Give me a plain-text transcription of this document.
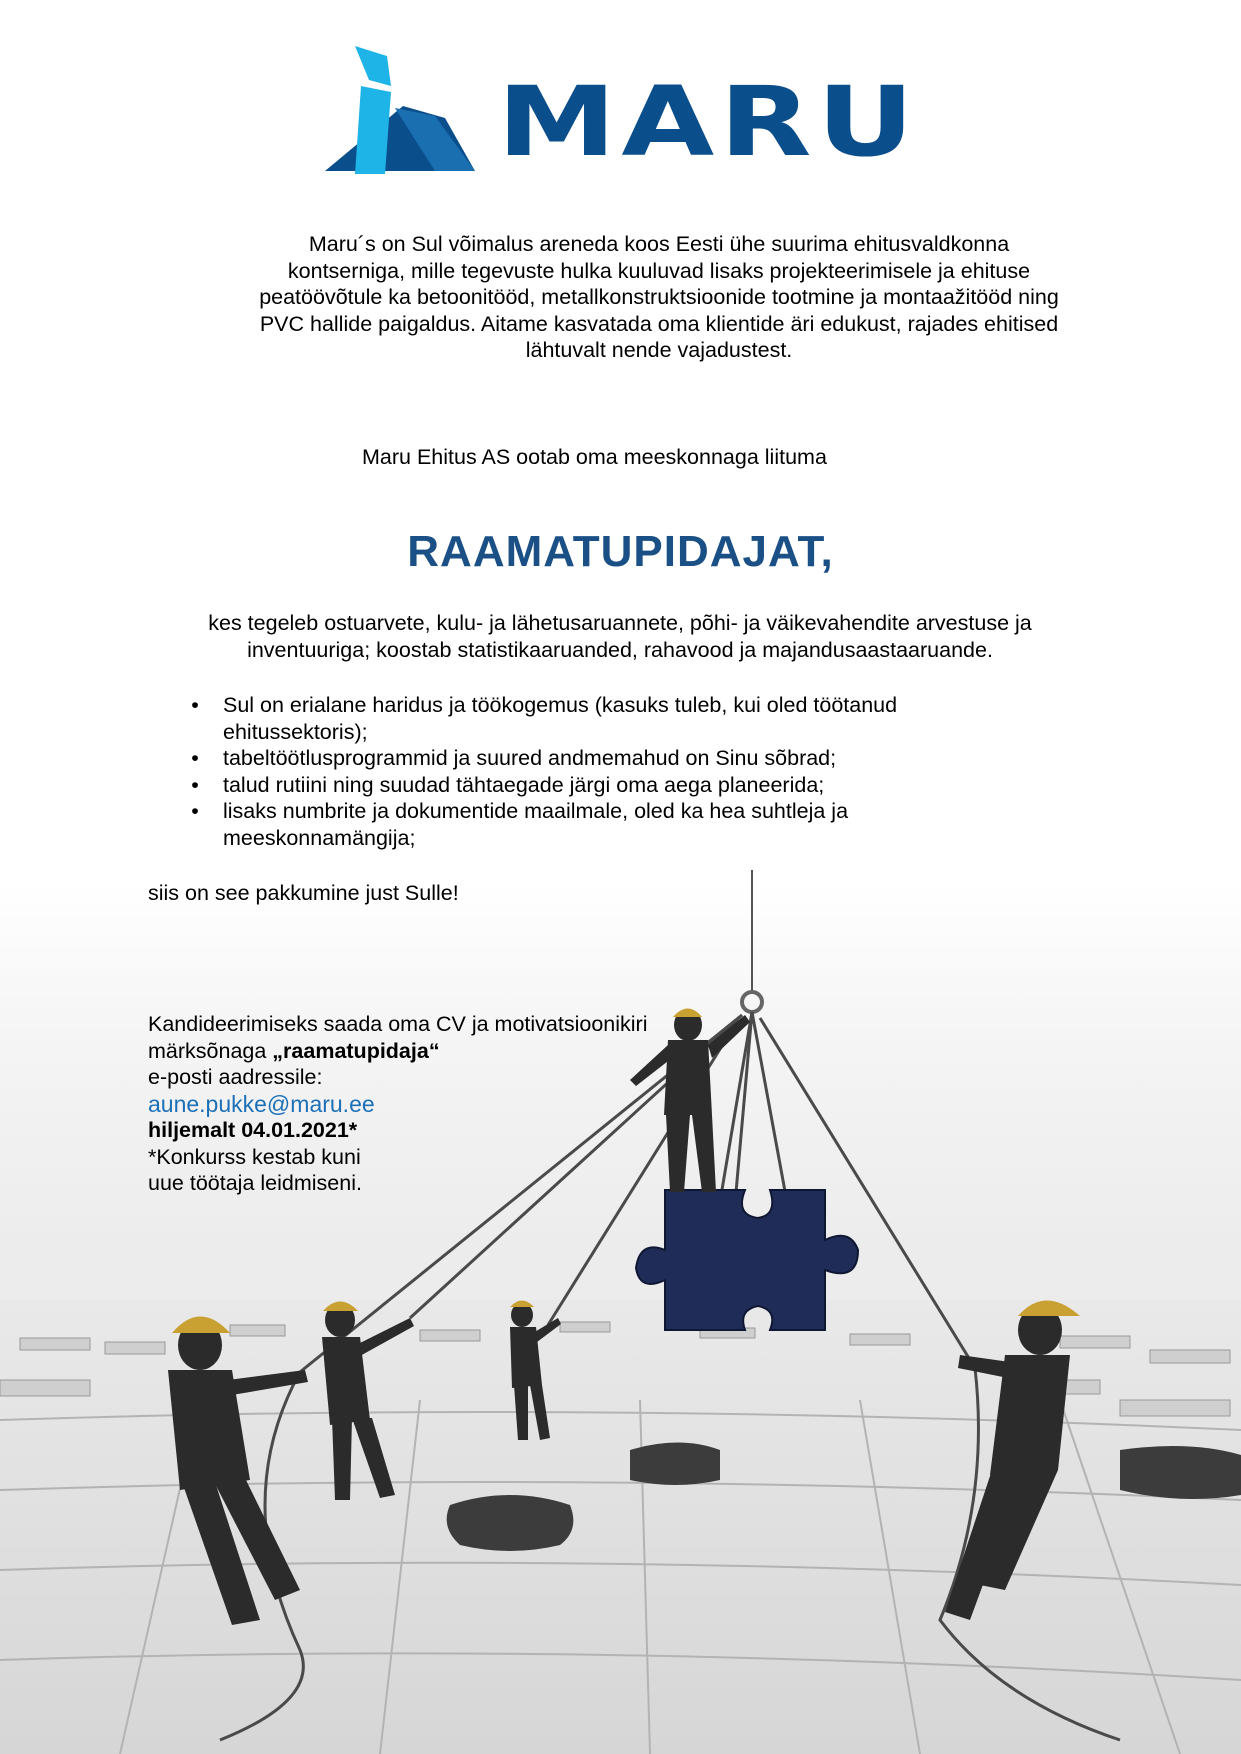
MARU

Maru´s on Sul võimalus areneda koos Eesti ühe suurima ehitusvaldkonna kontserniga, mille tegevuste hulka kuuluvad lisaks projekteerimisele ja ehituse peatöövõtule ka betoonitööd, metallkonstruktsioonide tootmine ja montaažitööd ning PVC hallide paigaldus. Aitame kasvatada oma klientide äri edukust, rajades ehitised lähtuvalt nende vajadustest.

Maru Ehitus AS ootab oma meeskonnaga liituma

RAAMATUPIDAJAT,

kes tegeleb ostuarvete, kulu- ja lähetusaruannete, põhi- ja väikevahendite arvestuse ja inventuuriga; koostab statistikaaruanded, rahavood ja majandusaastaaruande.

• Sul on erialane haridus ja töökogemus (kasuks tuleb, kui oled töötanud ehitussektoris);
• tabeltöötlusprogrammid ja suured andmemahud on Sinu sõbrad;
• talud rutiini ning suudad tähtaegade järgi oma aega planeerida;
• lisaks numbrite ja dokumentide maailmale, oled ka hea suhtleja ja meeskonnamängija;

siis on see pakkumine just Sulle!

Kandideerimiseks saada oma CV ja motivatsioonikiri
märksõnaga „raamatupidaja“
e-posti aadressile:
aune.pukke@maru.ee
hiljemalt 04.01.2021*
*Konkurss kestab kuni
uue töötaja leidmiseni.
